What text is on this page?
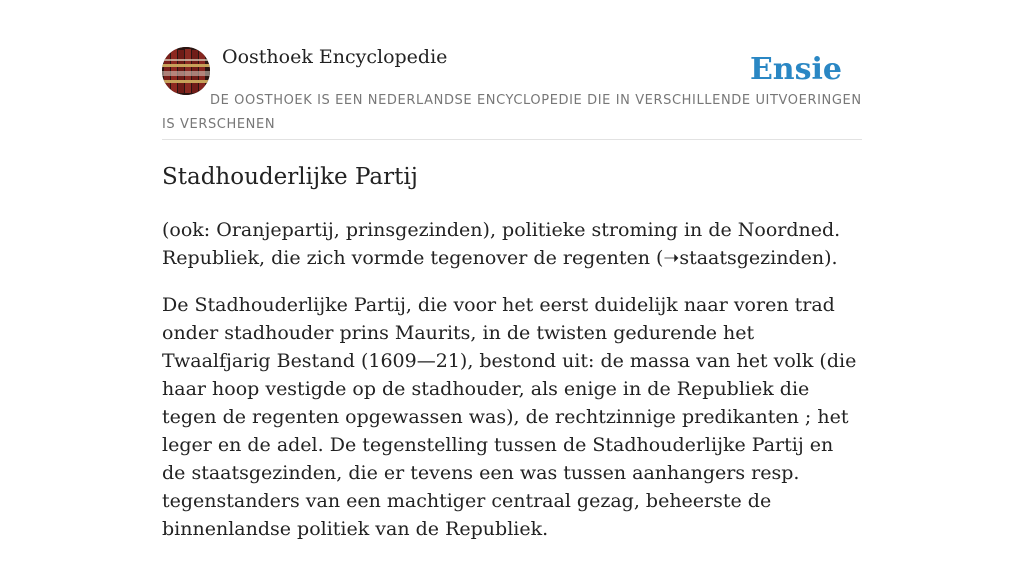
Oosthoek Encyclopedie	Ensie
DE OOSTHOEK IS EEN NEDERLANDSE ENCYCLOPEDIE DIE IN VERSCHILLENDE UITVOERINGEN IS VERSCHENEN
Stadhouderlijke Partij

(ook: Oranjepartij, prinsgezinden), politieke stroming in de Noordned. Republiek, die zich vormde tegenover de regenten (➝staatsgezinden).

De Stadhouderlijke Partij, die voor het eerst duidelijk naar voren trad onder stadhouder prins Maurits, in de twisten gedurende het Twaalfjarig Bestand (1609—21), bestond uit: de massa van het volk (die haar hoop vestigde op de stadhouder, als enige in de Republiek die tegen de regenten opgewassen was), de rechtzinnige predikanten ; het leger en de adel. De tegenstelling tussen de Stadhouderlijke Partij en de staatsgezinden, die er tevens een was tussen aanhangers resp. tegenstanders van een machtiger centraal gezag, beheerste de binnenlandse politiek van de Republiek.
